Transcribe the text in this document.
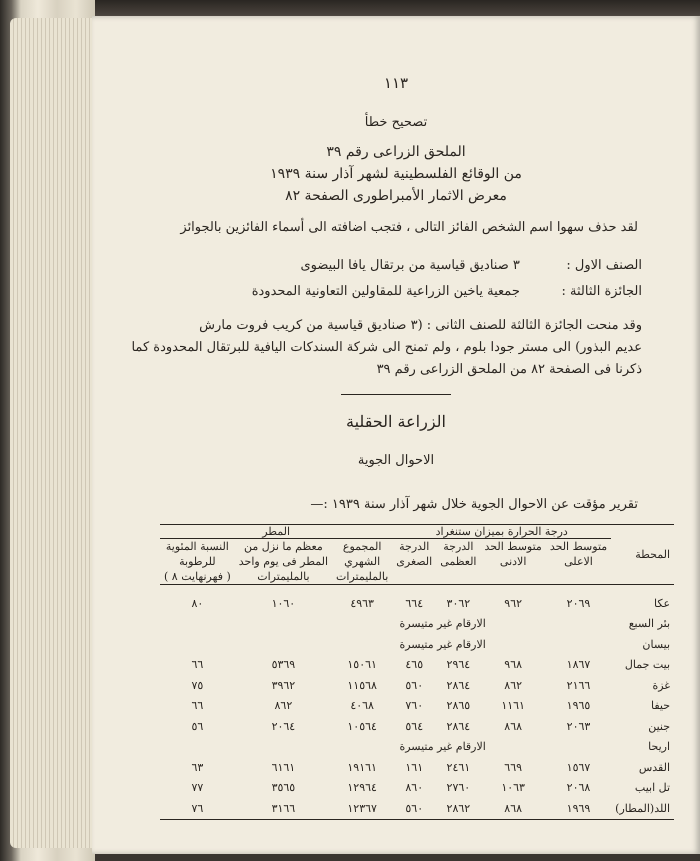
١١٣
تصحيح خطأ
الملحق الزراعى رقم ٣٩
من الوقائع الفلسطينية لشهر آذار سنة ١٩٣٩
معرض الاثمار الأمبراطورى الصفحة ٨٢
لقد حذف سهوا اسم الشخص الفائز التالى ، فتجب اضافته الى أسماء الفائزين بالجوائز
الصنف الاول : ٣ صناديق قياسية من برتقال يافا البيضوى
الجائزة الثالثة : جمعية ياخين الزراعية للمقاولين التعاونية المحدودة
وقد منحت الجائزة الثالثة للصنف الثانى : (٣ صناديق قياسية من كريب فروت مارش
عديم البذور) الى مستر جودا بلوم ، ولم تمنح الى شركة السندكات اليافية للبرتقال المحدودة كما
ذكرنا فى الصفحة ٨٢ من الملحق الزراعى رقم ٣٩
الزراعة الحقلية
الاحوال الجوية
تقرير مؤقت عن الاحوال الجوية خلال شهر آذار سنة ١٩٣٩ :—
المحطة	درجة الحرارة بميزان ستنغراد				المطر		
	متوسط الحد
الاعلى	متوسط الحد
الادنى	الدرجة
العظمى	الدرجة
الصغرى	المجموع
الشهري
بالمليمترات	معظم ما نزل من
المطر فى يوم واحد
بالمليمترات	النسبة المئوية
للرطوبة
( فهرنهايت ٨ )

عكا	٢٠٦٩	٩٦٢	٣٠٦٢	٦٦٤	٤٩٦٣	١٠٦٠	٨٠
بئر السبع		الارقام غير متيسرة					
بيسان		الارقام غير متيسرة					
بيت جمال	١٨٦٧	٩٦٨	٢٩٦٤	٤٦٥	١٥٠٦١	٥٣٦٩	٦٦
غزة	٢١٦٦	٨٦٢	٢٨٦٤	٥٦٠	١١٥٦٨	٣٩٦٢	٧٥
حيفا	١٩٦٥	١١٦١	٢٨٦٥	٧٦٠	٤٠٦٨	٨٦٢	٦٦
جنين	٢٠٦٣	٨٦٨	٢٨٦٤	٥٦٤	١٠٥٦٤	٢٠٦٤	٥٦
اريحا		الارقام غير متيسرة					
القدس	١٥٦٧	٦٦٩	٢٤٦١	١٦١	١٩١٦١	٦١٦١	٦٣
تل ابيب	٢٠٦٨	١٠٦٣	٢٧٦٠	٨٦٠	١٢٩٦٤	٣٥٦٥	٧٧
اللد(المطار)	١٩٦٩	٨٦٨	٢٨٦٢	٥٦٠	١٢٣٦٧	٣١٦٦	٧٦
